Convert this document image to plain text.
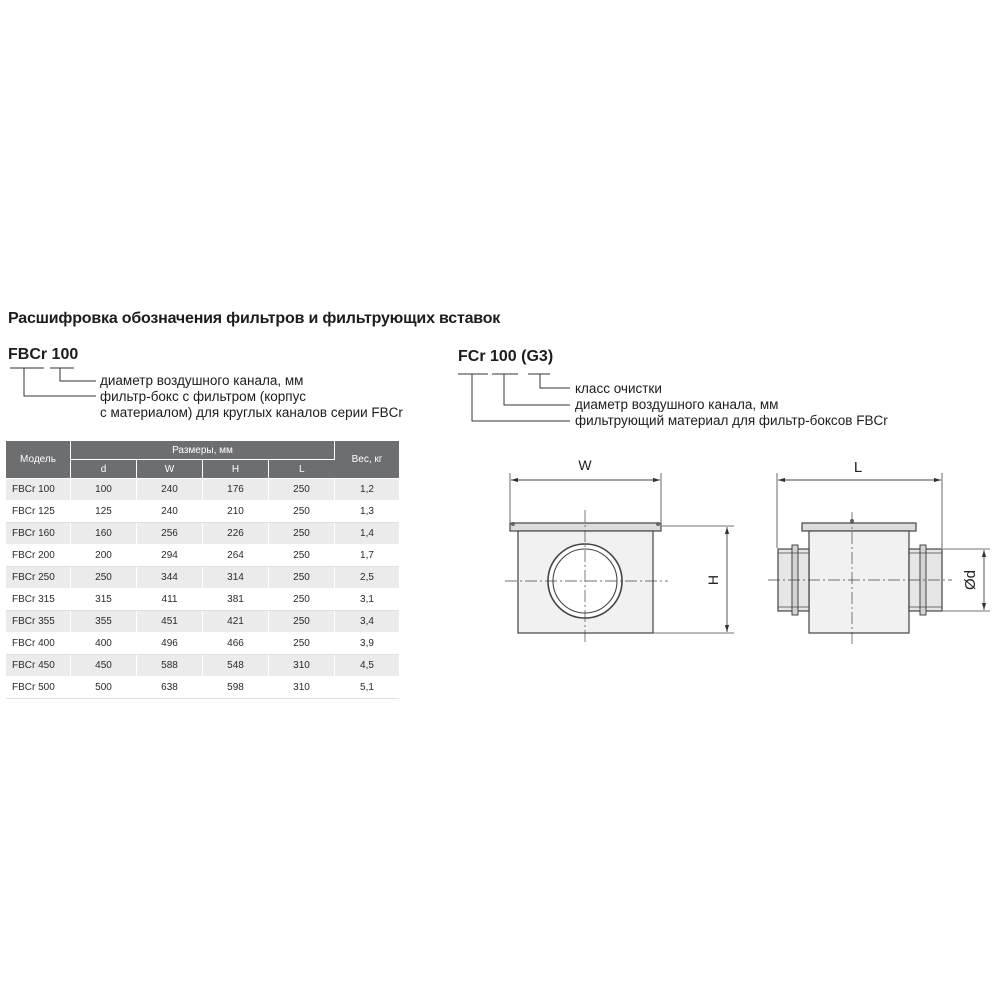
Расшифровка обозначения фильтров и фильтрующих вставок
FBCr 100
диаметр воздушного канала, мм
фильтр-бокс с фильтром (корпус
с материалом) для круглых каналов серии FBCr
FCr 100 (G3)
класс очистки
диаметр воздушного канала, мм
фильтрующий материал для фильтр-боксов FBCr
Модель	Размеры, мм				Вес, кг
	d	W	H	L	
FBCr 100	100	240	176	250	1,2
FBCr 125	125	240	210	250	1,3
FBCr 160	160	256	226	250	1,4
FBCr 200	200	294	264	250	1,7
FBCr 250	250	344	314	250	2,5
FBCr 315	315	411	381	250	3,1
FBCr 355	355	451	421	250	3,4
FBCr 400	400	496	466	250	3,9
FBCr 450	450	588	548	310	4,5
FBCr 500	500	638	598	310	5,1
W	L
H	Ød
